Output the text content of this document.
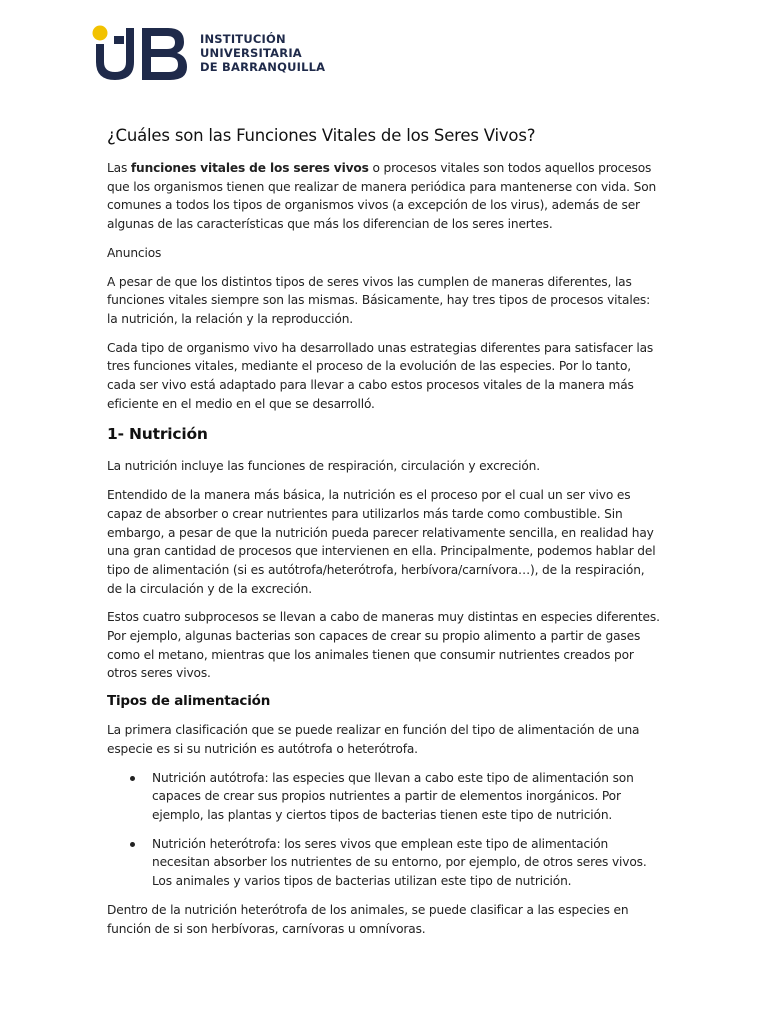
INSTITUCIÓN
UNIVERSITARIA
DE BARRANQUILLA
¿Cuáles son las Funciones Vitales de los Seres Vivos?

Las funciones vitales de los seres vivos o procesos vitales son todos aquellos procesos que los organismos tienen que realizar de manera periódica para mantenerse con vida. Son comunes a todos los tipos de organismos vivos (a excepción de los virus), además de ser algunas de las características que más los diferencian de los seres inertes.

Anuncios

A pesar de que los distintos tipos de seres vivos las cumplen de maneras diferentes, las funciones vitales siempre son las mismas. Básicamente, hay tres tipos de procesos vitales: la nutrición, la relación y la reproducción.

Cada tipo de organismo vivo ha desarrollado unas estrategias diferentes para satisfacer las tres funciones vitales, mediante el proceso de la evolución de las especies. Por lo tanto, cada ser vivo está adaptado para llevar a cabo estos procesos vitales de la manera más eficiente en el medio en el que se desarrolló.

1- Nutrición

La nutrición incluye las funciones de respiración, circulación y excreción.

Entendido de la manera más básica, la nutrición es el proceso por el cual un ser vivo es capaz de absorber o crear nutrientes para utilizarlos más tarde como combustible. Sin embargo, a pesar de que la nutrición pueda parecer relativamente sencilla, en realidad hay una gran cantidad de procesos que intervienen en ella. Principalmente, podemos hablar del tipo de alimentación (si es autótrofa/heterótrofa, herbívora/carnívora…), de la respiración, de la circulación y de la excreción.

Estos cuatro subprocesos se llevan a cabo de maneras muy distintas en especies diferentes. Por ejemplo, algunas bacterias son capaces de crear su propio alimento a partir de gases como el metano, mientras que los animales tienen que consumir nutrientes creados por otros seres vivos.

Tipos de alimentación

La primera clasificación que se puede realizar en función del tipo de alimentación de una especie es si su nutrición es autótrofa o heterótrofa.

Nutrición autótrofa: las especies que llevan a cabo este tipo de alimentación son capaces de crear sus propios nutrientes a partir de elementos inorgánicos. Por ejemplo, las plantas y ciertos tipos de bacterias tienen este tipo de nutrición.

Nutrición heterótrofa: los seres vivos que emplean este tipo de alimentación necesitan absorber los nutrientes de su entorno, por ejemplo, de otros seres vivos. Los animales y varios tipos de bacterias utilizan este tipo de nutrición.

Dentro de la nutrición heterótrofa de los animales, se puede clasificar a las especies en función de si son herbívoras, carnívoras u omnívoras.
